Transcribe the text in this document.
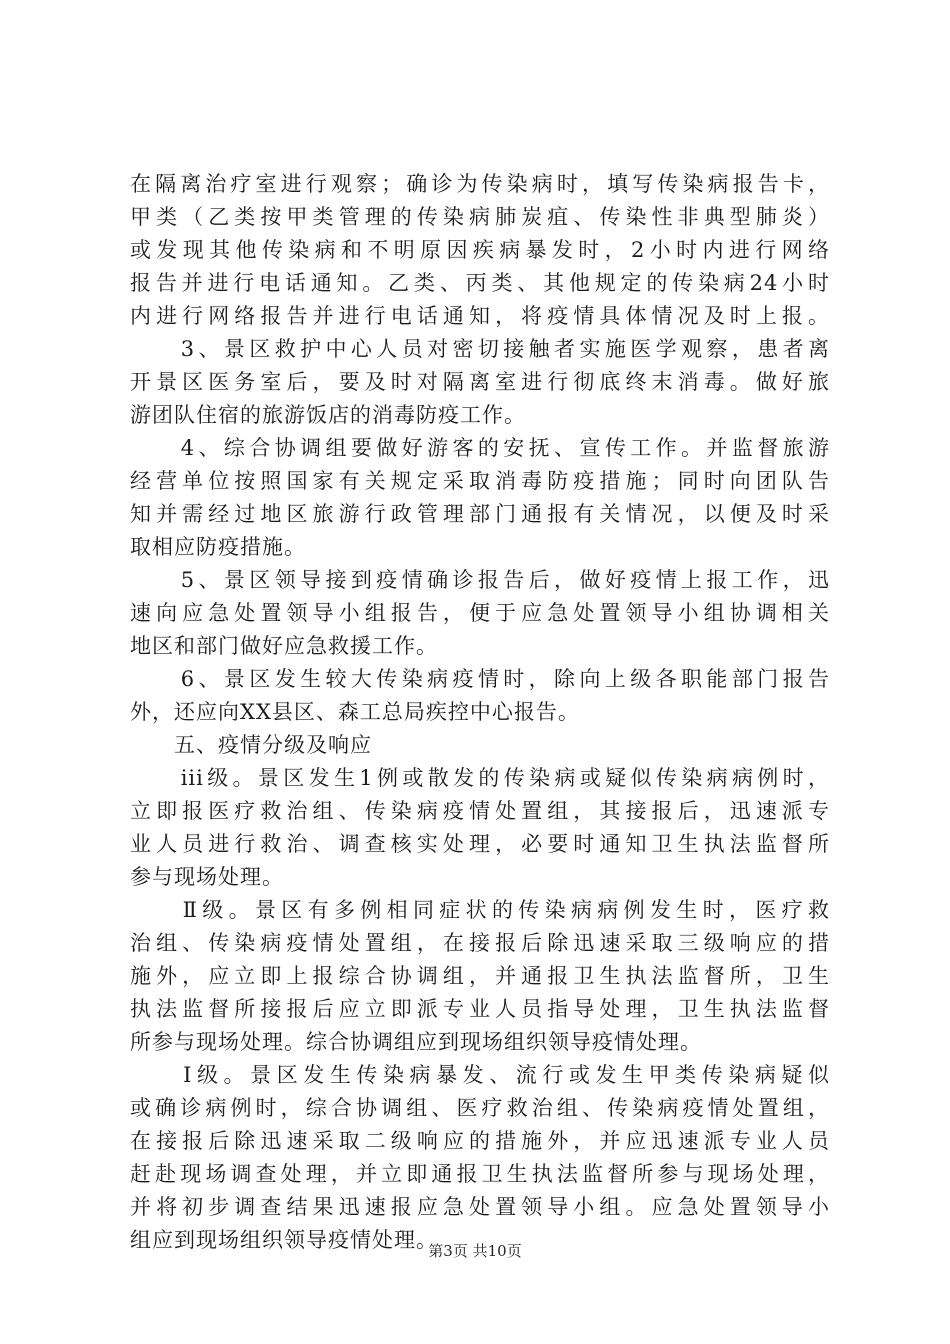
在隔离治疗室进行观察；确诊为传染病时，填写传染病报告卡，
甲类（乙类按甲类管理的传染病肺炭疽、传染性非典型肺炎）
或发现其他传染病和不明原因疾病暴发时，2小时内进行网络
报告并进行电话通知。乙类、丙类、其他规定的传染病24小时
内进行网络报告并进行电话通知，将疫情具体情况及时上报。
　　3、景区救护中心人员对密切接触者实施医学观察，患者离
开景区医务室后，要及时对隔离室进行彻底终末消毒。做好旅
游团队住宿的旅游饭店的消毒防疫工作。
　　4、综合协调组要做好游客的安抚、宣传工作。并监督旅游
经营单位按照国家有关规定采取消毒防疫措施；同时向团队告
知并需经过地区旅游行政管理部门通报有关情况，以便及时采
取相应防疫措施。
　　5、景区领导接到疫情确诊报告后，做好疫情上报工作，迅
速向应急处置领导小组报告，便于应急处置领导小组协调相关
地区和部门做好应急救援工作。
　　6、景区发生较大传染病疫情时，除向上级各职能部门报告
外，还应向XX县区、森工总局疾控中心报告。
　　五、疫情分级及响应
　　iii级。景区发生1例或散发的传染病或疑似传染病病例时，
立即报医疗救治组、传染病疫情处置组，其接报后，迅速派专
业人员进行救治、调查核实处理，必要时通知卫生执法监督所
参与现场处理。
　　Ⅱ级。景区有多例相同症状的传染病病例发生时，医疗救
治组、传染病疫情处置组，在接报后除迅速采取三级响应的措
施外，应立即上报综合协调组，并通报卫生执法监督所，卫生
执法监督所接报后应立即派专业人员指导处理，卫生执法监督
所参与现场处理。综合协调组应到现场组织领导疫情处理。
　　Ⅰ级。景区发生传染病暴发、流行或发生甲类传染病疑似
或确诊病例时，综合协调组、医疗救治组、传染病疫情处置组，
在接报后除迅速采取二级响应的措施外，并应迅速派专业人员
赶赴现场调查处理，并立即通报卫生执法监督所参与现场处理，
并将初步调查结果迅速报应急处置领导小组。应急处置领导小
组应到现场组织领导疫情处理。
第3页 共10页
